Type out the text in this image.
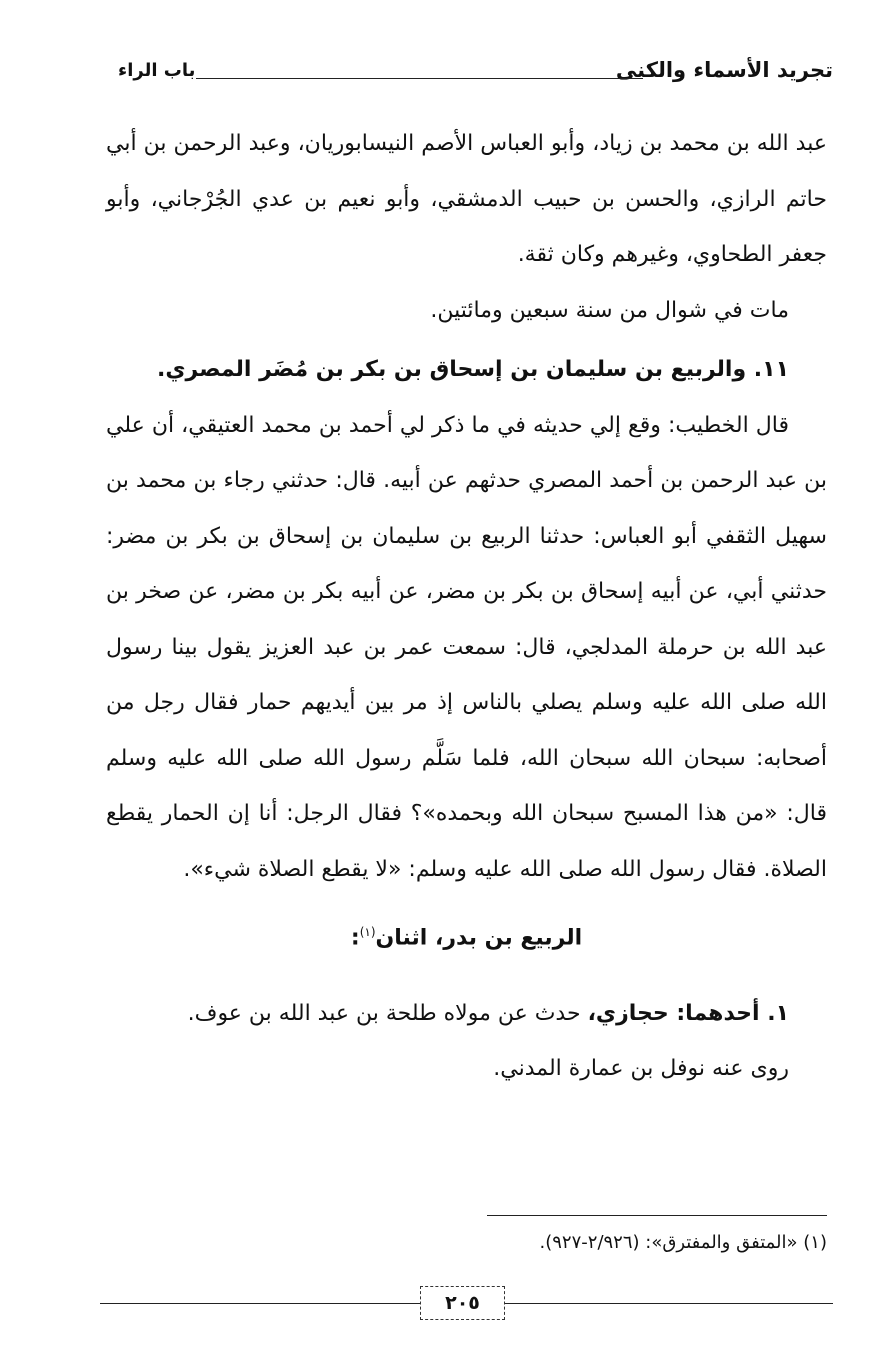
تجريد الأسماء والكنى
باب الراء

عبد الله بن محمد بن زياد، وأبو العباس الأصم النيسابوريان، وعبد الرحمن بن أبي حاتم الرازي، والحسن بن حبيب الدمشقي، وأبو نعيم بن عدي الجُرْجاني، وأبو جعفر الطحاوي، وغيرهم وكان ثقة.

مات في شوال من سنة سبعين ومائتين.

١١. والربيع بن سليمان بن إسحاق بن بكر بن مُضَر المصري.

قال الخطيب: وقع إلي حديثه في ما ذكر لي أحمد بن محمد العتيقي، أن علي بن عبد الرحمن بن أحمد المصري حدثهم عن أبيه. قال: حدثني رجاء بن محمد بن سهيل الثقفي أبو العباس: حدثنا الربيع بن سليمان بن إسحاق بن بكر بن مضر: حدثني أبي، عن أبيه إسحاق بن بكر بن مضر، عن أبيه بكر بن مضر، عن صخر بن عبد الله بن حرملة المدلجي، قال: سمعت عمر بن عبد العزيز يقول بينا رسول الله صلى الله عليه وسلم يصلي بالناس إذ مر بين أيديهم حمار فقال رجل من أصحابه: سبحان الله سبحان الله، فلما سَلَّم رسول الله صلى الله عليه وسلم قال: «من هذا المسبح سبحان الله وبحمده»؟ فقال الرجل: أنا إن الحمار يقطع الصلاة. فقال رسول الله صلى الله عليه وسلم: «لا يقطع الصلاة شيء».

الربيع بن بدر، اثنان$^{(١)}$:

١. أحدهما: حجازي، حدث عن مولاه طلحة بن عبد الله بن عوف.

روى عنه نوفل بن عمارة المدني.

(١) «المتفق والمفترق»: (٢/٩٢٦-٩٢٧).
٢٠٥
